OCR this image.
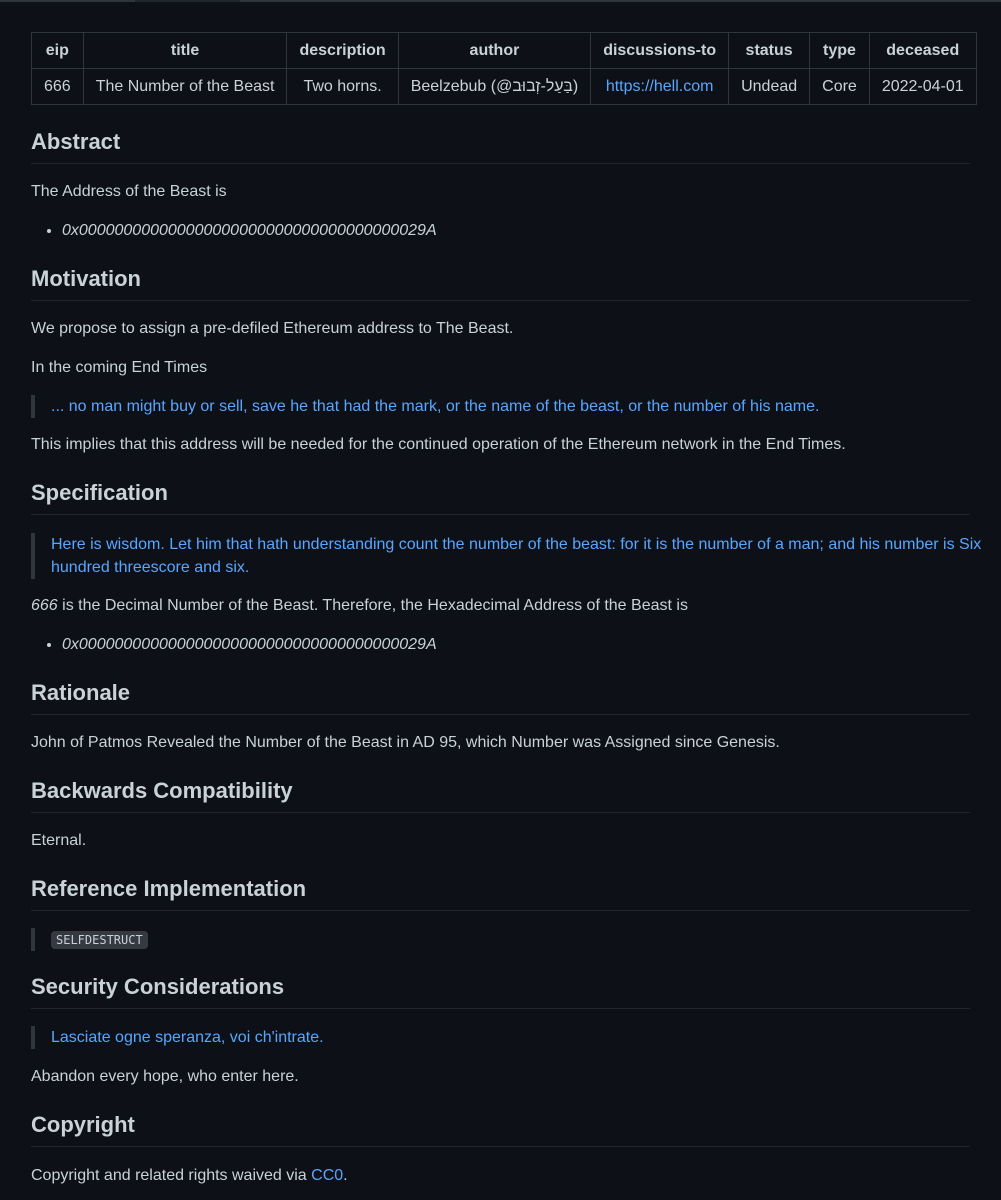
eip	title	description	author	discussions-to	status	type	deceased
666	The Number of the Beast	Two horns.	Beelzebub (@בַּעַל-זְבוּב)	https://hell.com	Undead	Core	2022-04-01
Abstract

The Address of the Beast is

• 0x000000000000000000000000000000000000029A
Motivation

We propose to assign a pre-defiled Ethereum address to The Beast.

In the coming End Times

... no man might buy or sell, save he that had the mark, or the name of the beast, or the number of his name.

This implies that this address will be needed for the continued operation of the Ethereum network in the End Times.

Specification
Here is wisdom. Let him that hath understanding count the number of the beast: for it is the number of a man; and his number is Six hundred threescore and six.

666 is the Decimal Number of the Beast. Therefore, the Hexadecimal Address of the Beast is

• 0x000000000000000000000000000000000000029A
Rationale

John of Patmos Revealed the Number of the Beast in AD 95, which Number was Assigned since Genesis.

Backwards Compatibility

Eternal.

Reference Implementation
SELFDESTRUCT
Security Considerations
Lasciate ogne speranza, voi ch'intrate.

Abandon every hope, who enter here.

Copyright

Copyright and related rights waived via CC0.
